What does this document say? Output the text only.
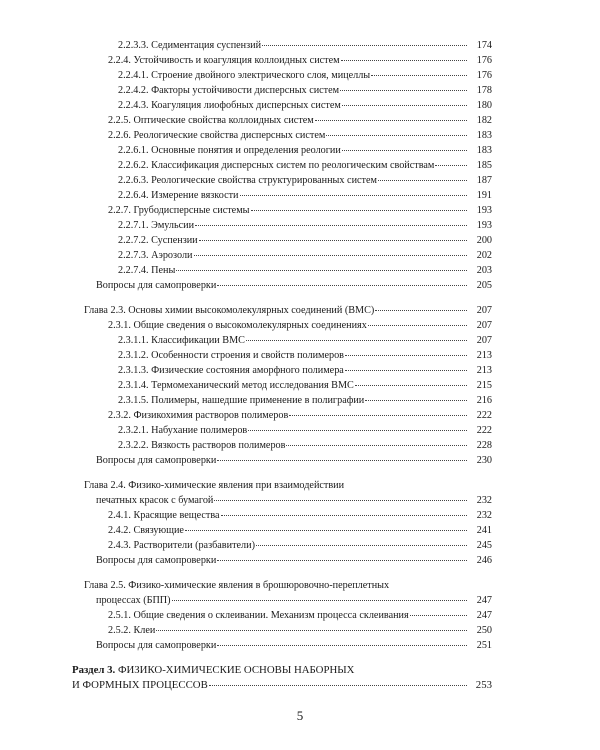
2.2.3.3. Седиментация суспензий	174
2.2.4. Устойчивость и коагуляция коллоидных систем	176
2.2.4.1. Строение двойного электрического слоя, мицеллы	176
2.2.4.2. Факторы устойчивости дисперсных систем	178
2.2.4.3. Коагуляция лиофобных дисперсных систем	180
2.2.5. Оптические свойства коллоидных систем	182
2.2.6. Реологические свойства дисперсных систем	183
2.2.6.1. Основные понятия и определения реологии	183
2.2.6.2. Классификация дисперсных систем по реологическим свойствам	185
2.2.6.3. Реологические свойства структурированных систем	187
2.2.6.4. Измерение вязкости	191
2.2.7. Грубодисперсные системы	193
2.2.7.1. Эмульсии	193
2.2.7.2. Суспензии	200
2.2.7.3. Аэрозоли	202
2.2.7.4. Пены	203
Вопросы для самопроверки	205
Глава 2.3. Основы химии высокомолекулярных соединений (ВМС)	207
2.3.1. Общие сведения о высокомолекулярных соединениях	207
2.3.1.1. Классификации ВМС	207
2.3.1.2. Особенности строения и свойств полимеров	213
2.3.1.3. Физические состояния аморфного полимера	213
2.3.1.4. Термомеханический метод исследования ВМС	215
2.3.1.5. Полимеры, нашедшие применение в полиграфии	216
2.3.2. Физикохимия растворов полимеров	222
2.3.2.1. Набухание полимеров	222
2.3.2.2. Вязкость растворов полимеров	228
Вопросы для самопроверки	230
Глава 2.4. Физико-химические явления при взаимодействии
печатных красок с бумагой	232
2.4.1. Красящие вещества	232
2.4.2. Связующие	241
2.4.3. Растворители (разбавители)	245
Вопросы для самопроверки	246
Глава 2.5. Физико-химические явления в брошюровочно-переплетных
процессах (БПП)	247
2.5.1. Общие сведения о склеивании. Механизм процесса склеивания	247
2.5.2. Клеи	250
Вопросы для самопроверки	251
Раздел 3. ФИЗИКО-ХИМИЧЕСКИЕ ОСНОВЫ НАБОРНЫХ
И ФОРМНЫХ ПРОЦЕССОВ	253
5
